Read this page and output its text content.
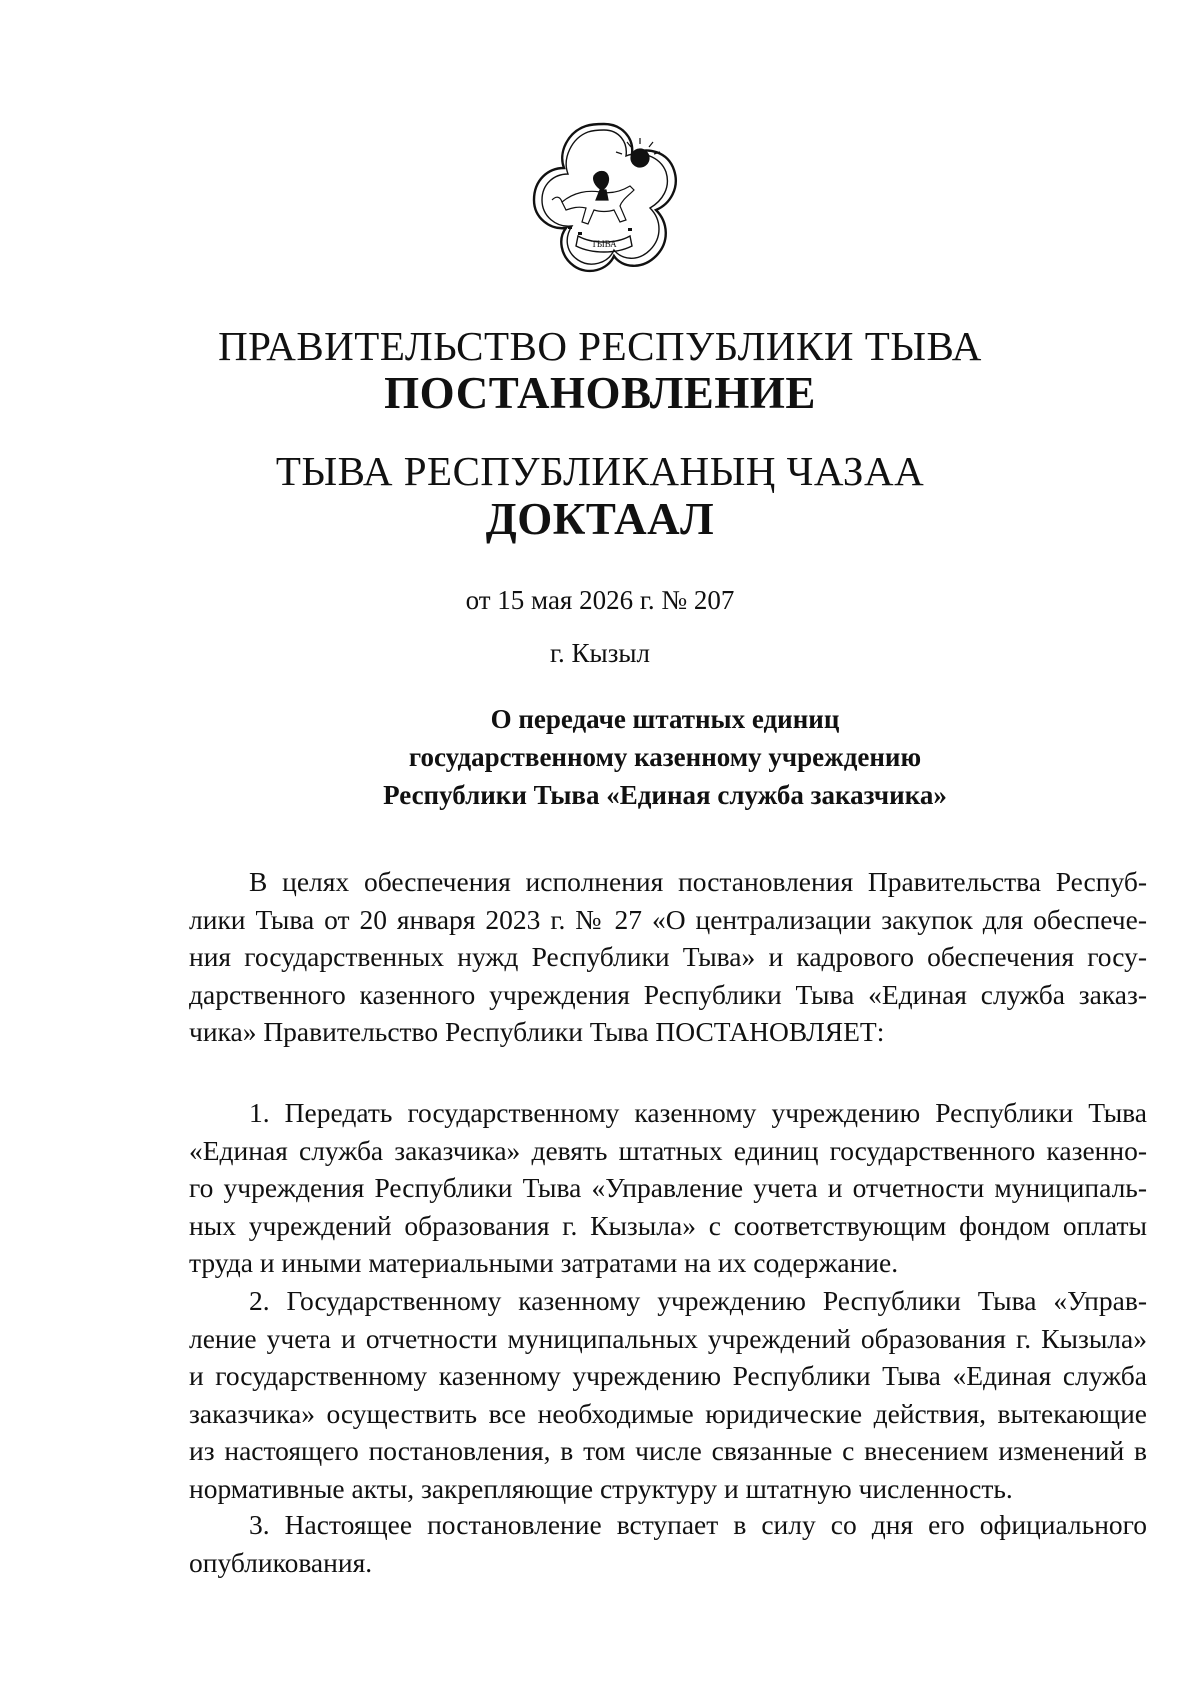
ТЫВА
ПРАВИТЕЛЬСТВО РЕСПУБЛИКИ ТЫВА
ПОСТАНОВЛЕНИЕ
ТЫВА РЕСПУБЛИКАНЫҢ ЧАЗАА
ДОКТААЛ
от 15 мая 2026 г. № 207
г. Кызыл
О передаче штатных единиц
государственному казенному учреждению
Республики Тыва «Единая служба заказчика»
В целях обеспечения исполнения постановления Правительства Респуб-
лики Тыва от 20 января 2023 г. № 27 «О централизации закупок для обеспече-
ния государственных нужд Республики Тыва» и кадрового обеспечения госу-
дарственного казенного учреждения Республики Тыва «Единая служба заказ-
чика» Правительство Республики Тыва ПОСТАНОВЛЯЕТ:
1. Передать государственному казенному учреждению Республики Тыва
«Единая служба заказчика» девять штатных единиц государственного казенно-
го учреждения Республики Тыва «Управление учета и отчетности муниципаль-
ных учреждений образования г. Кызыла» с соответствующим фондом оплаты
труда и иными материальными затратами на их содержание.
2. Государственному казенному учреждению Республики Тыва «Управ-
ление учета и отчетности муниципальных учреждений образования г. Кызыла»
и государственному казенному учреждению Республики Тыва «Единая служба
заказчика» осуществить все необходимые юридические действия, вытекающие
из настоящего постановления, в том числе связанные с внесением изменений в
нормативные акты, закрепляющие структуру и штатную численность.
3. Настоящее постановление вступает в силу со дня его официального
опубликования.
